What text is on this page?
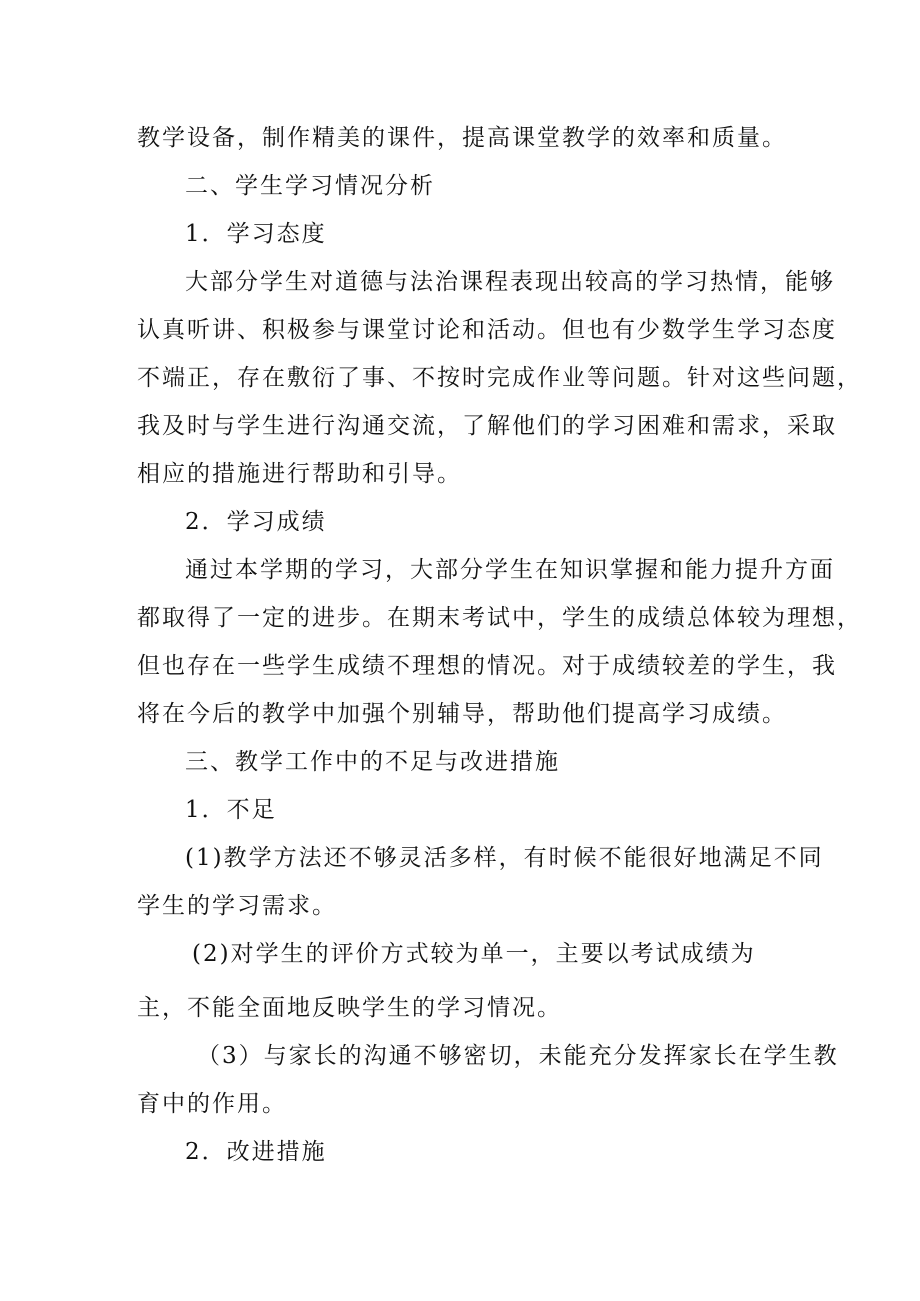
教学设备，制作精美的课件，提高课堂教学的效率和质量。
二、学生学习情况分析
1．学习态度
大部分学生对道德与法治课程表现出较高的学习热情，能够
认真听讲、积极参与课堂讨论和活动。但也有少数学生学习态度
不端正，存在敷衍了事、不按时完成作业等问题。针对这些问题，
我及时与学生进行沟通交流，了解他们的学习困难和需求，采取
相应的措施进行帮助和引导。
2．学习成绩
通过本学期的学习，大部分学生在知识掌握和能力提升方面
都取得了一定的进步。在期末考试中，学生的成绩总体较为理想，
但也存在一些学生成绩不理想的情况。对于成绩较差的学生，我
将在今后的教学中加强个别辅导，帮助他们提高学习成绩。
三、教学工作中的不足与改进措施
1．不足
(1)教学方法还不够灵活多样，有时候不能很好地满足不同
学生的学习需求。
(2)对学生的评价方式较为单一，主要以考试成绩为
主，不能全面地反映学生的学习情况。
（3）与家长的沟通不够密切，未能充分发挥家长在学生教
育中的作用。
2．改进措施
